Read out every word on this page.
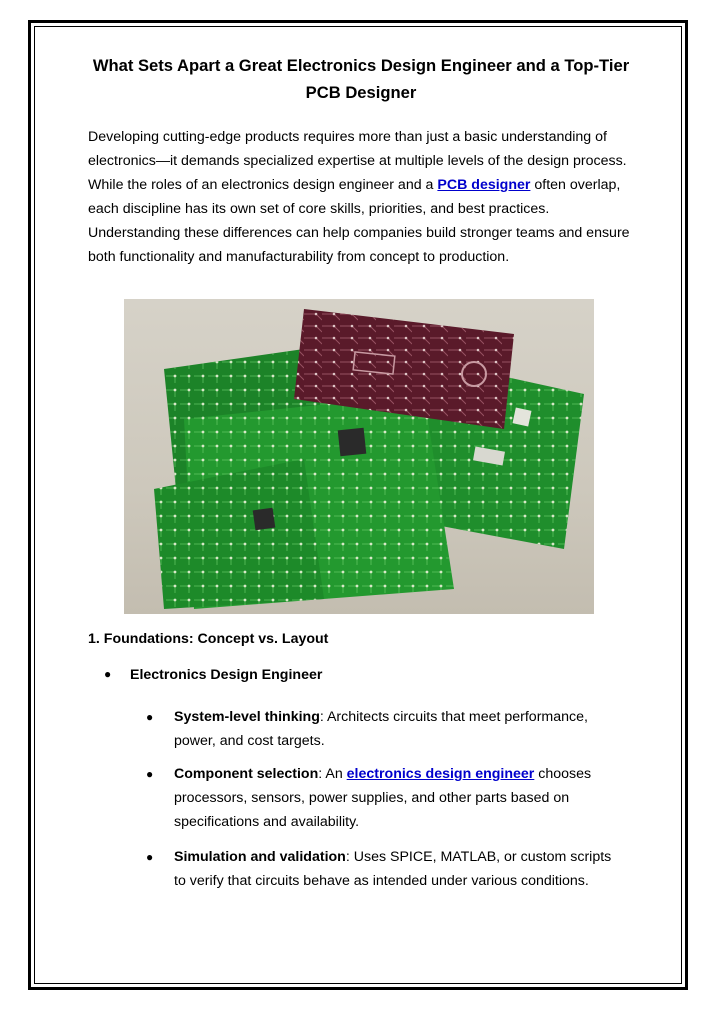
What Sets Apart a Great Electronics Design Engineer and a Top-Tier PCB Designer

Developing cutting-edge products requires more than just a basic understanding of electronics—it demands specialized expertise at multiple levels of the design process. While the roles of an electronics design engineer and a PCB designer often overlap, each discipline has its own set of core skills, priorities, and best practices. Understanding these differences can help companies build stronger teams and ensure both functionality and manufacturability from concept to production.

1. Foundations: Concept vs. Layout
● Electronics Design Engineer
● System-level thinking: Architects circuits that meet performance, power, and cost targets.
● Component selection: An electronics design engineer chooses processors, sensors, power supplies, and other parts based on specifications and availability.
● Simulation and validation: Uses SPICE, MATLAB, or custom scripts to verify that circuits behave as intended under various conditions.
